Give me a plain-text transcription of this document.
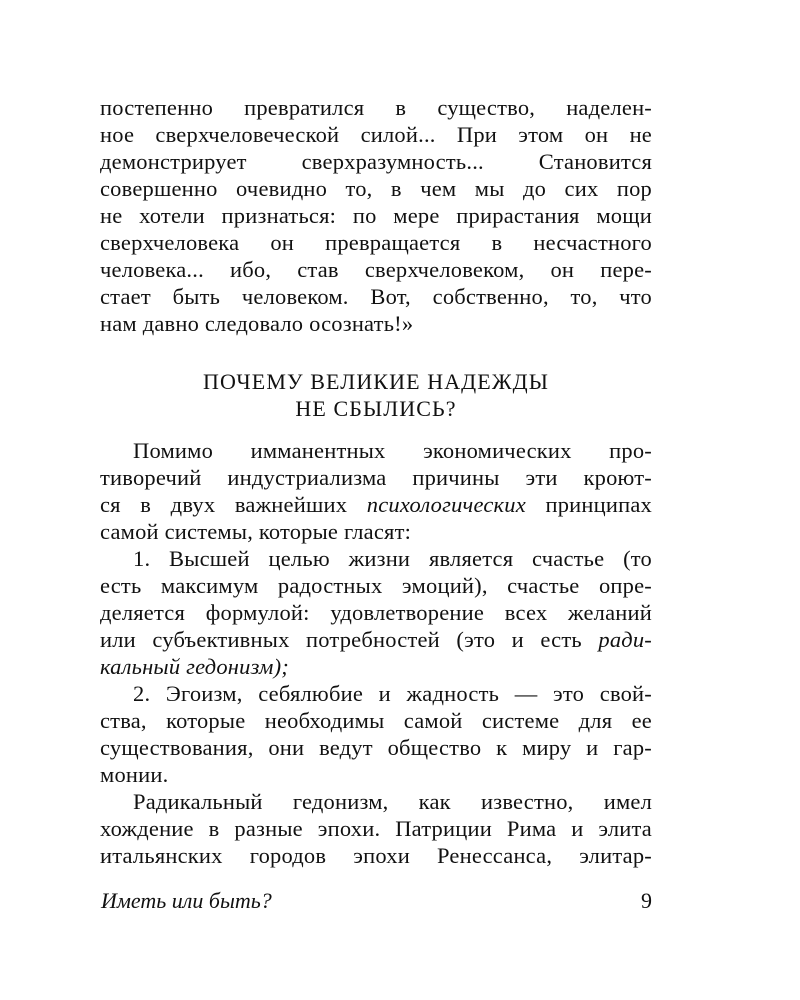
постепенно превратился в существо, наделен-
ное сверхчеловеческой силой... При этом он не
демонстрирует сверхразумность... Становится
совершенно очевидно то, в чем мы до сих пор
не хотели признаться: по мере прирастания мощи
сверхчеловека он превращается в несчастного
человека... ибо, став сверхчеловеком, он пере-
стает быть человеком. Вот, собственно, то, что
нам давно следовало осознать!»
ПОЧЕМУ ВЕЛИКИЕ НАДЕЖДЫ
НЕ СБЫЛИСЬ?
Помимо имманентных экономических про-
тиворечий индустриализма причины эти кроют-
ся в двух важнейших психологических принципах
самой системы, которые гласят:
1. Высшей целью жизни является счастье (то
есть максимум радостных эмоций), счастье опре-
деляется формулой: удовлетворение всех желаний
или субъективных потребностей (это и есть ради-
кальный гедонизм);
2. Эгоизм, себялюбие и жадность — это свой-
ства, которые необходимы самой системе для ее
существования, они ведут общество к миру и гар-
монии.
Радикальный гедонизм, как известно, имел
хождение в разные эпохи. Патриции Рима и элита
итальянских городов эпохи Ренессанса, элитар-
Иметь или быть?	9
